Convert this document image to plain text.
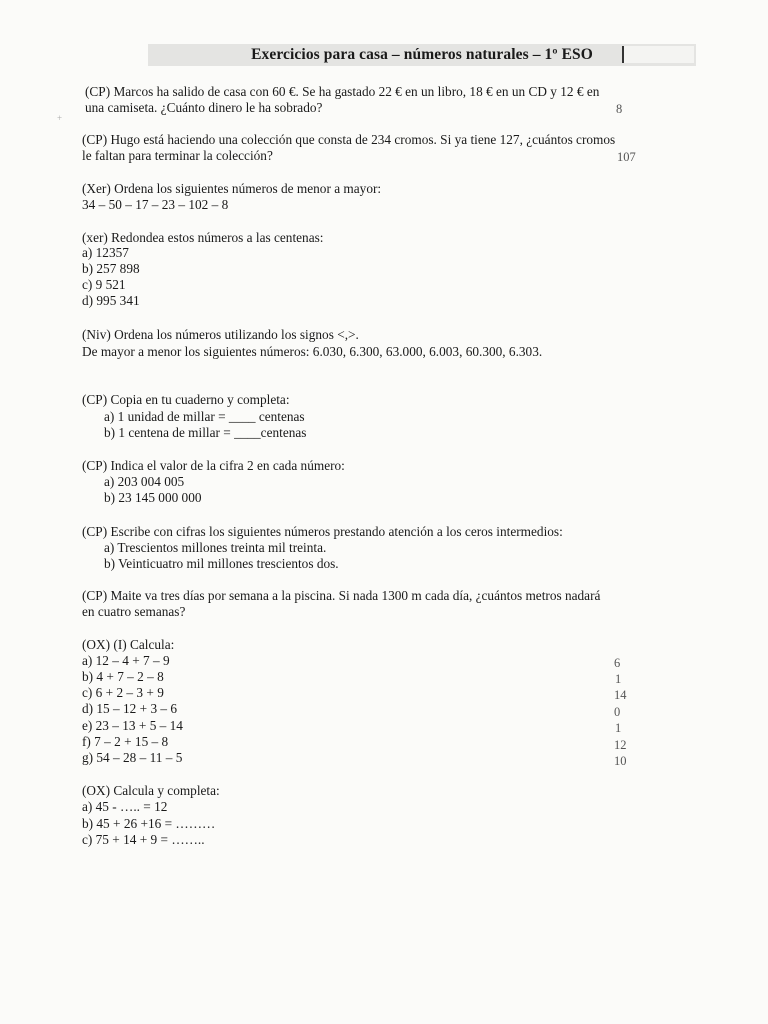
Exercicios para casa – números naturales – 1º ESO
+
(CP) Marcos ha salido de casa con 60 €. Se ha gastado 22 € en un libro, 18 € en un CD y 12 € en
una camiseta. ¿Cuánto dinero le ha sobrado?	8
(CP) Hugo está haciendo una colección que consta de 234 cromos. Si ya tiene 127, ¿cuántos cromos
le faltan para terminar la colección?	107
(Xer) Ordena los siguientes números de menor a mayor:
34 – 50 – 17 – 23 – 102 – 8
(xer) Redondea estos números a las centenas:
a) 12357
b) 257 898
c) 9 521
d) 995 341
(Niv) Ordena los números utilizando los signos <,>.
De mayor a menor los siguientes números: 6.030, 6.300, 63.000, 6.003, 60.300, 6.303.
(CP) Copia en tu cuaderno y completa:
a) 1 unidad de millar = ____ centenas
b) 1 centena de millar = ____centenas
(CP) Indica el valor de la cifra 2 en cada número:
a) 203 004 005
b) 23 145 000 000
(CP) Escribe con cifras los siguientes números prestando atención a los ceros intermedios:
a) Trescientos millones treinta mil treinta.
b) Veinticuatro mil millones trescientos dos.
(CP) Maite va tres días por semana a la piscina. Si nada 1300 m cada día, ¿cuántos metros nadará
en cuatro semanas?
(OX) (I) Calcula:
a) 12 – 4 + 7 – 9
b) 4 + 7 – 2 – 8
c) 6 + 2 – 3 + 9
d) 15 – 12 + 3 – 6
e) 23 – 13 + 5 – 14
f) 7 – 2 + 15 – 8
g) 54 – 28 – 11 – 5
6
1
14
0
1
12
10
(OX) Calcula y completa:
a) 45 - ….. = 12
b) 45 + 26 +16 = ………
c) 75 + 14 + 9 = ……..
